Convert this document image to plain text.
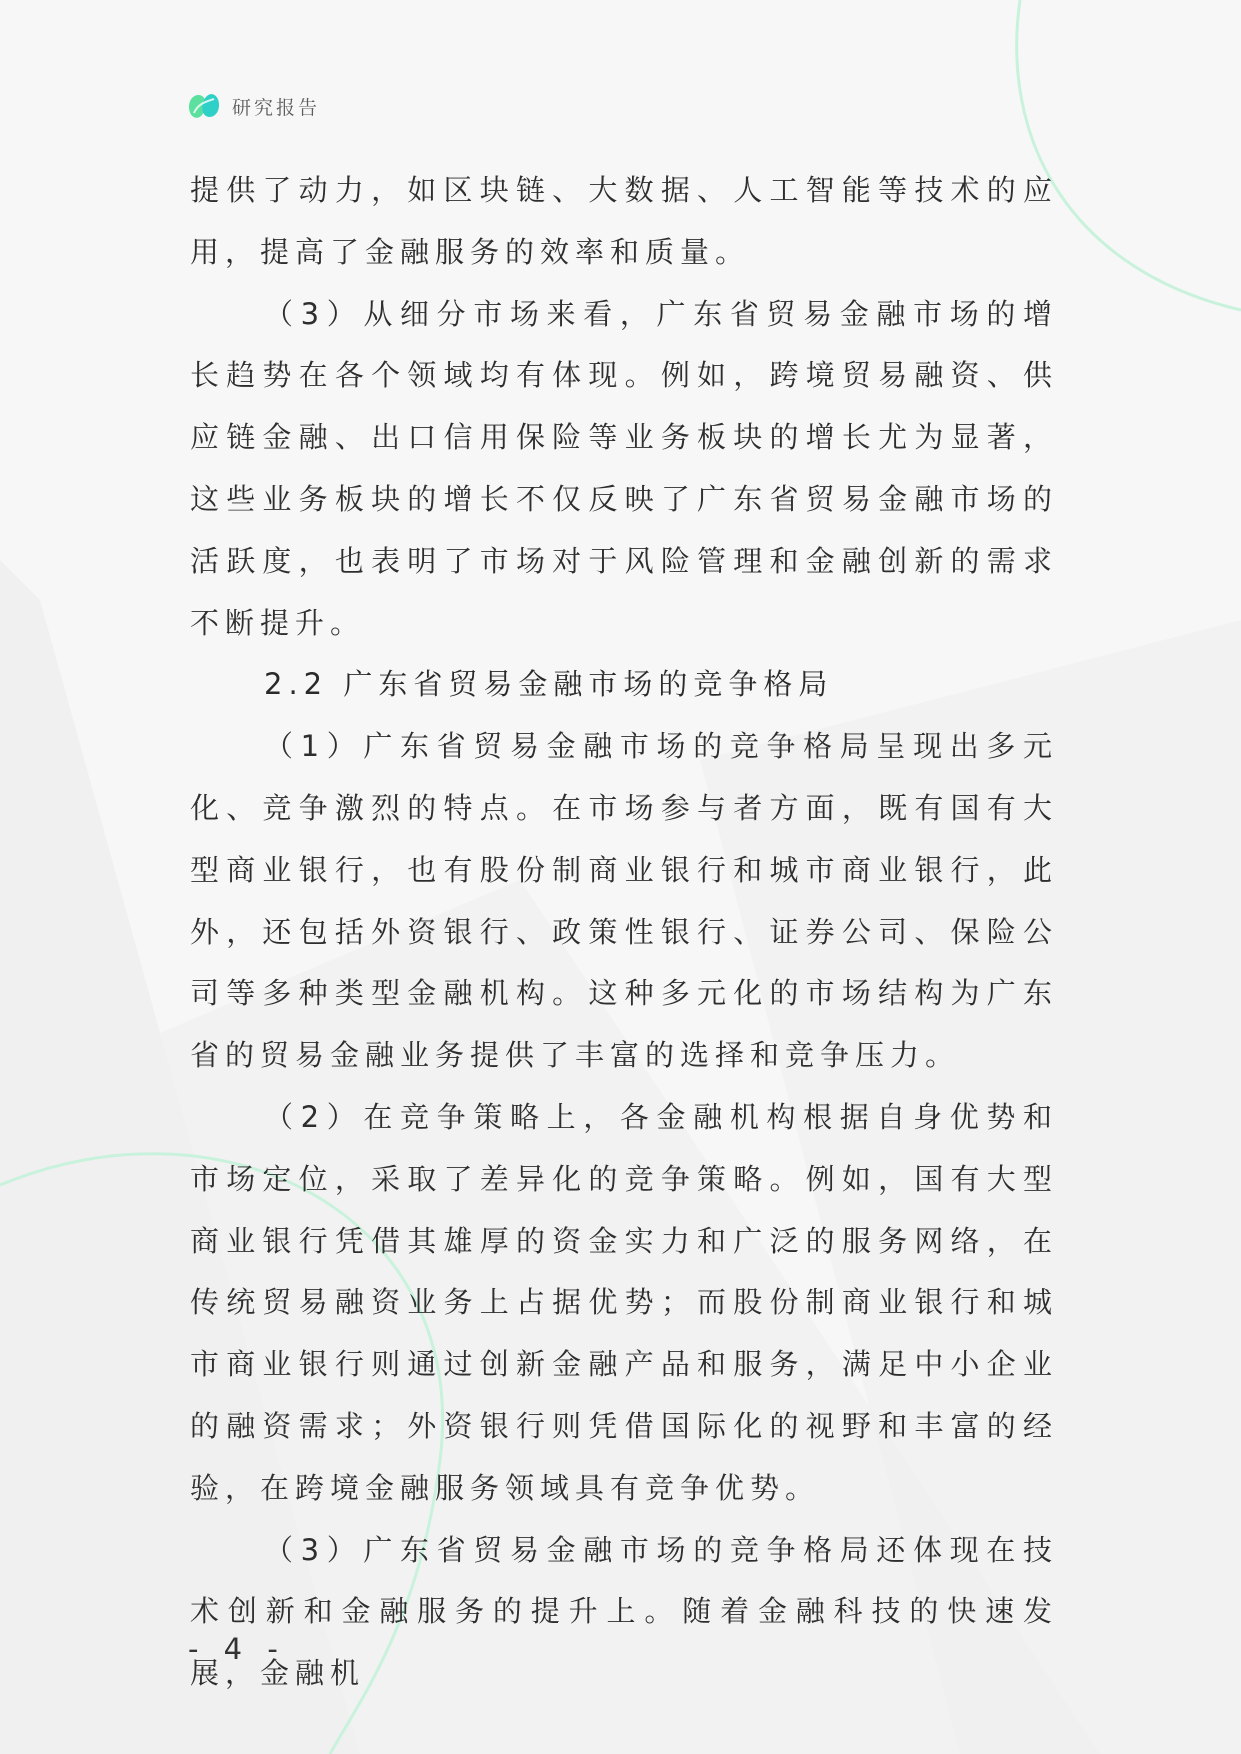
研究报告

提供了动力，如区块链、大数据、人工智能等技术的应用，提高了金融服务的效率和质量。

（3）从细分市场来看，广东省贸易金融市场的增长趋势在各个领域均有体现。例如，跨境贸易融资、供应链金融、出口信用保险等业务板块的增长尤为显著，这些业务板块的增长不仅反映了广东省贸易金融市场的活跃度，也表明了市场对于风险管理和金融创新的需求不断提升。

2.2 广东省贸易金融市场的竞争格局

（1）广东省贸易金融市场的竞争格局呈现出多元化、竞争激烈的特点。在市场参与者方面，既有国有大型商业银行，也有股份制商业银行和城市商业银行，此外，还包括外资银行、政策性银行、证券公司、保险公司等多种类型金融机构。这种多元化的市场结构为广东省的贸易金融业务提供了丰富的选择和竞争压力。

（2）在竞争策略上，各金融机构根据自身优势和市场定位，采取了差异化的竞争策略。例如，国有大型商业银行凭借其雄厚的资金实力和广泛的服务网络，在传统贸易融资业务上占据优势；而股份制商业银行和城市商业银行则通过创新金融产品和服务，满足中小企业的融资需求；外资银行则凭借国际化的视野和丰富的经验，在跨境金融服务领域具有竞争优势。

（3）广东省贸易金融市场的竞争格局还体现在技术创新和金融服务的提升上。随着金融科技的快速发展，金融机

- 4 -
